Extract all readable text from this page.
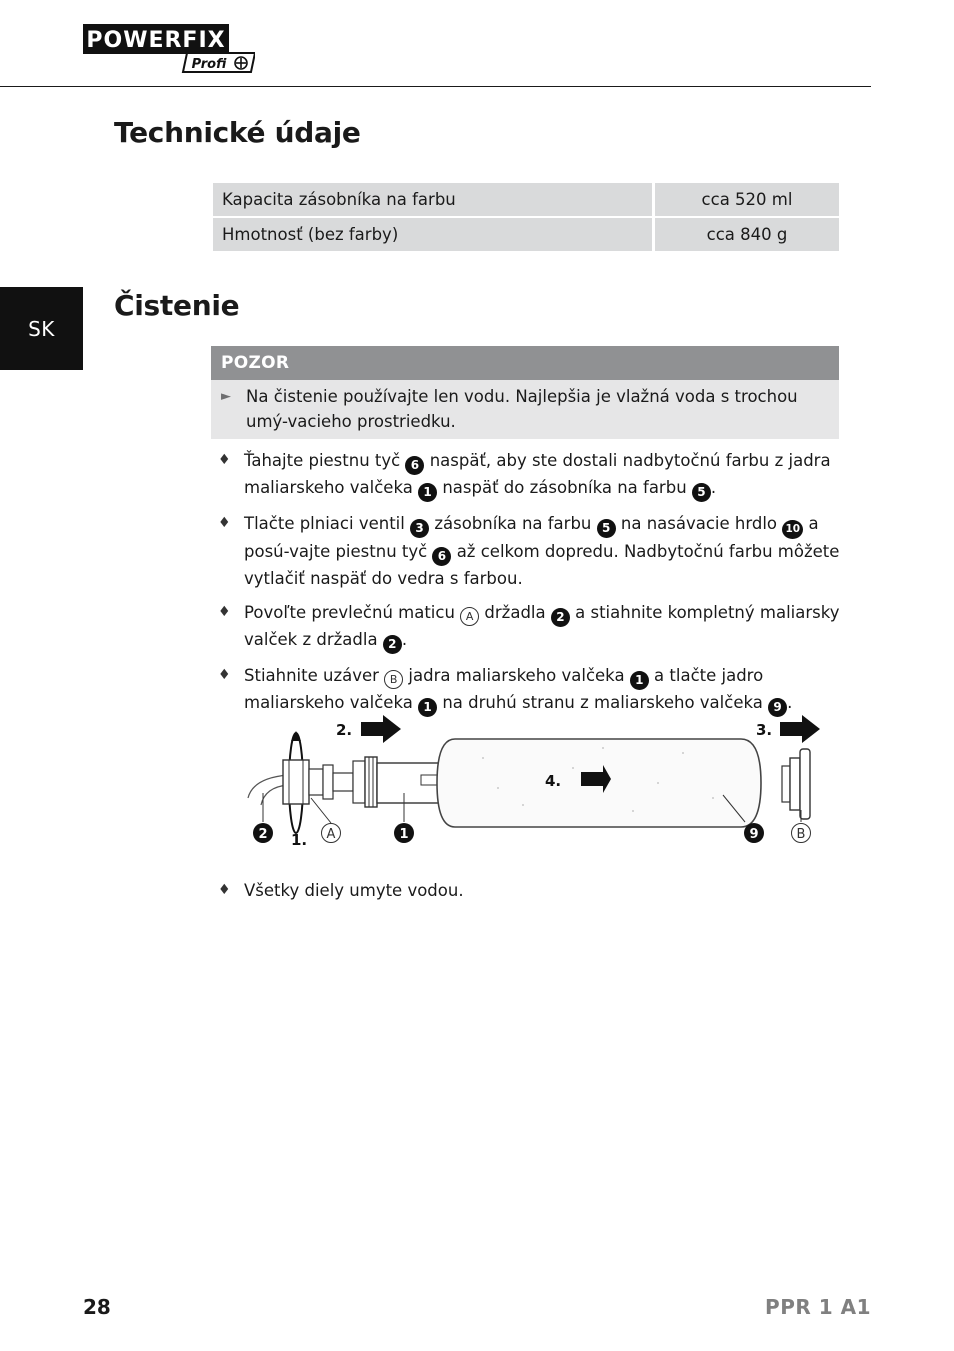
POWERFIX
Profi
SK
Technické údaje
Kapacita zásobníka na farbu	cca 520 ml
Hmotnosť (bez farby)	cca 840 g
Čistenie
POZOR
► Na čistenie používajte len vodu. Najlepšia je vlažná voda s trochou umý-vacieho prostriedku.
♦ Ťahajte piestnu tyč 6 naspäť, aby ste dostali nadbytočnú farbu z jadra maliarskeho valčeka 1 naspäť do zásobníka na farbu 5 .
♦ Tlačte plniaci ventil 3 zásobníka na farbu 5 na nasávacie hrdlo 10 a posú-vajte piestnu tyč 6 až celkom dopredu. Nadbytočnú farbu môžete vytlačiť naspäť do vedra s farbou.
♦ Povoľte prevlečnú maticu A držadla 2 a stiahnite kompletný maliarsky valček z držadla 2 .
♦ Stiahnite uzáver B jadra maliarskeho valčeka 1 a tlačte jadro maliarskeho valčeka 1 na druhú stranu z maliarskeho valčeka 9 .
2.	3.
4.
1.
2	A	1	9	B
♦ Všetky diely umyte vodou.
28	PPR 1 A1
